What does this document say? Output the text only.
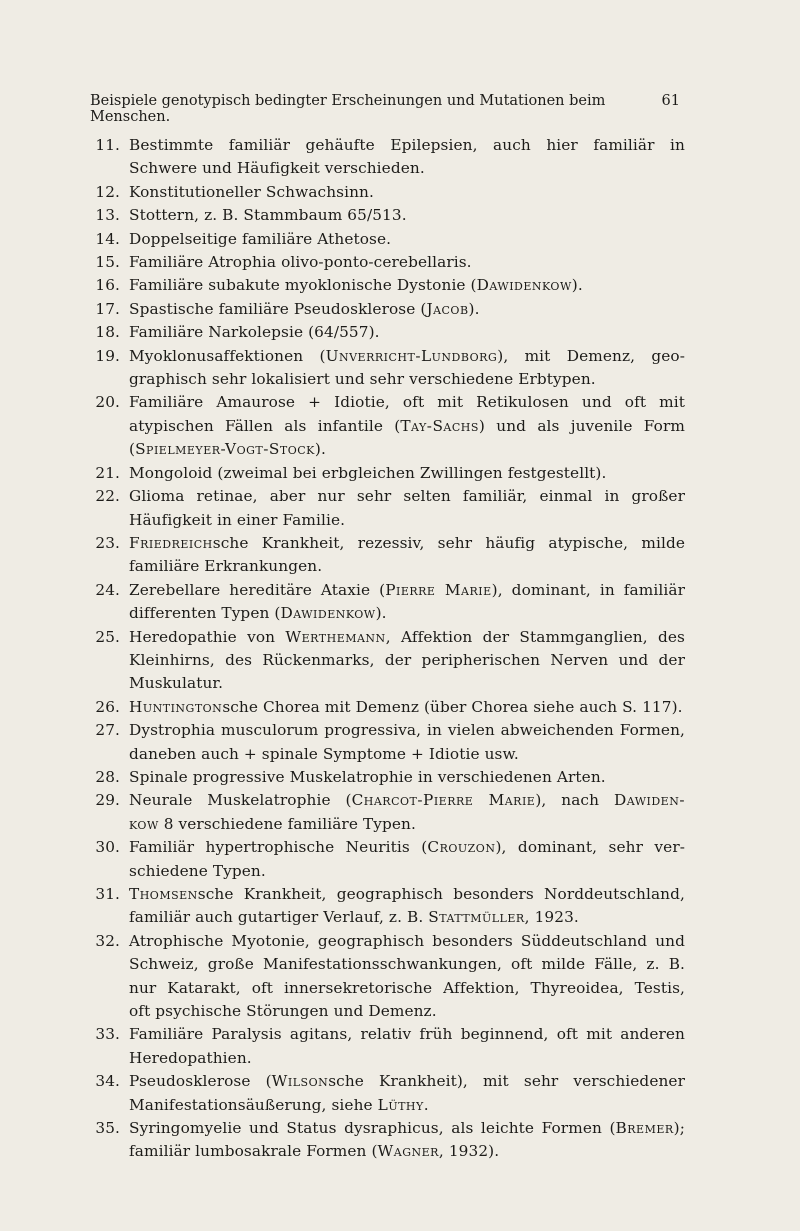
Beispiele genotypisch bedingter Erscheinungen und Mutationen beim Menschen.
61
11. Bestimmte familiär gehäufte Epilepsien, auch hier familiär in
Schwere und Häufigkeit verschieden.
12. Konstitutioneller Schwachsinn.
13. Stottern, z. B. Stammbaum 65/513.
14. Doppelseitige familiäre Athetose.
15. Familiäre Atrophia olivo-ponto-cerebellaris.
16. Familiäre subakute myoklonische Dystonie (Dawidenkow).
17. Spastische familiäre Pseudosklerose (Jacob).
18. Familiäre Narkolepsie (64/557).
19. Myoklonusaffektionen (Unverricht-Lundborg), mit Demenz, geo-
graphisch sehr lokalisiert und sehr verschiedene Erbtypen.
20. Familiäre Amaurose + Idiotie, oft mit Retikulosen und oft mit
atypischen Fällen als infantile (Tay-Sachs) und als juvenile Form
(Spielmeyer-Vogt-Stock).
21. Mongoloid (zweimal bei erbgleichen Zwillingen festgestellt).
22. Glioma retinae, aber nur sehr selten familiär, einmal in großer
Häufigkeit in einer Familie.
23. Friedreichsche Krankheit, rezessiv, sehr häufig atypische, milde
familiäre Erkrankungen.
24. Zerebellare hereditäre Ataxie (Pierre Marie), dominant, in familiär
differenten Typen (Dawidenkow).
25. Heredopathie von Werthemann, Affektion der Stammganglien, des
Kleinhirns, des Rückenmarks, der peripherischen Nerven und der
Muskulatur.
26. Huntingtonsche Chorea mit Demenz (über Chorea siehe auch S. 117).
27. Dystrophia musculorum progressiva, in vielen abweichenden Formen,
daneben auch + spinale Symptome + Idiotie usw.
28. Spinale progressive Muskelatrophie in verschiedenen Arten.
29. Neurale Muskelatrophie (Charcot-Pierre Marie), nach Dawiden-
kow 8 verschiedene familiäre Typen.
30. Familiär hypertrophische Neuritis (Crouzon), dominant, sehr ver-
schiedene Typen.
31. Thomsensche Krankheit, geographisch besonders Norddeutschland,
familiär auch gutartiger Verlauf, z. B. Stattmüller, 1923.
32. Atrophische Myotonie, geographisch besonders Süddeutschland und
Schweiz, große Manifestationsschwankungen, oft milde Fälle, z. B.
nur Katarakt, oft innersekretorische Affektion, Thyreoidea, Testis,
oft psychische Störungen und Demenz.
33. Familiäre Paralysis agitans, relativ früh beginnend, oft mit anderen
Heredopathien.
34. Pseudosklerose (Wilsonsche Krankheit), mit sehr verschiedener
Manifestationsäußerung, siehe Lüthy.
35. Syringomyelie und Status dysraphicus, als leichte Formen (Bremer);
familiär lumbosakrale Formen (Wagner, 1932).
